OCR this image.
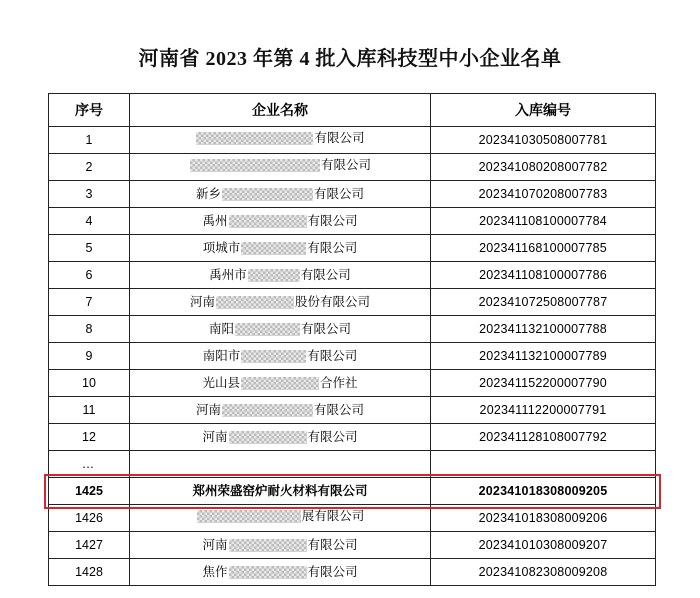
河南省 2023 年第 4 批入库科技型中小企业名单
序号	企业名称	入库编号
1	有限公司	202341030508007781
2	有限公司	202341080208007782
3	新乡 有限公司	202341070208007783
4	禹州 有限公司	202341108100007784
5	项城市 有限公司	202341168100007785
6	禹州市 有限公司	202341108100007786
7	河南 股份有限公司	202341072508007787
8	南阳 有限公司	202341132100007788
9	南阳市 有限公司	202341132100007789
10	光山县 合作社	202341152200007790
11	河南 有限公司	202341112200007791
12	河南 有限公司	202341128108007792
…		
1425	郑州荣盛窑炉耐火材料有限公司	202341018308009205
1426	展有限公司	202341018308009206
1427	河南 有限公司	202341010308009207
1428	焦作 有限公司	202341082308009208
